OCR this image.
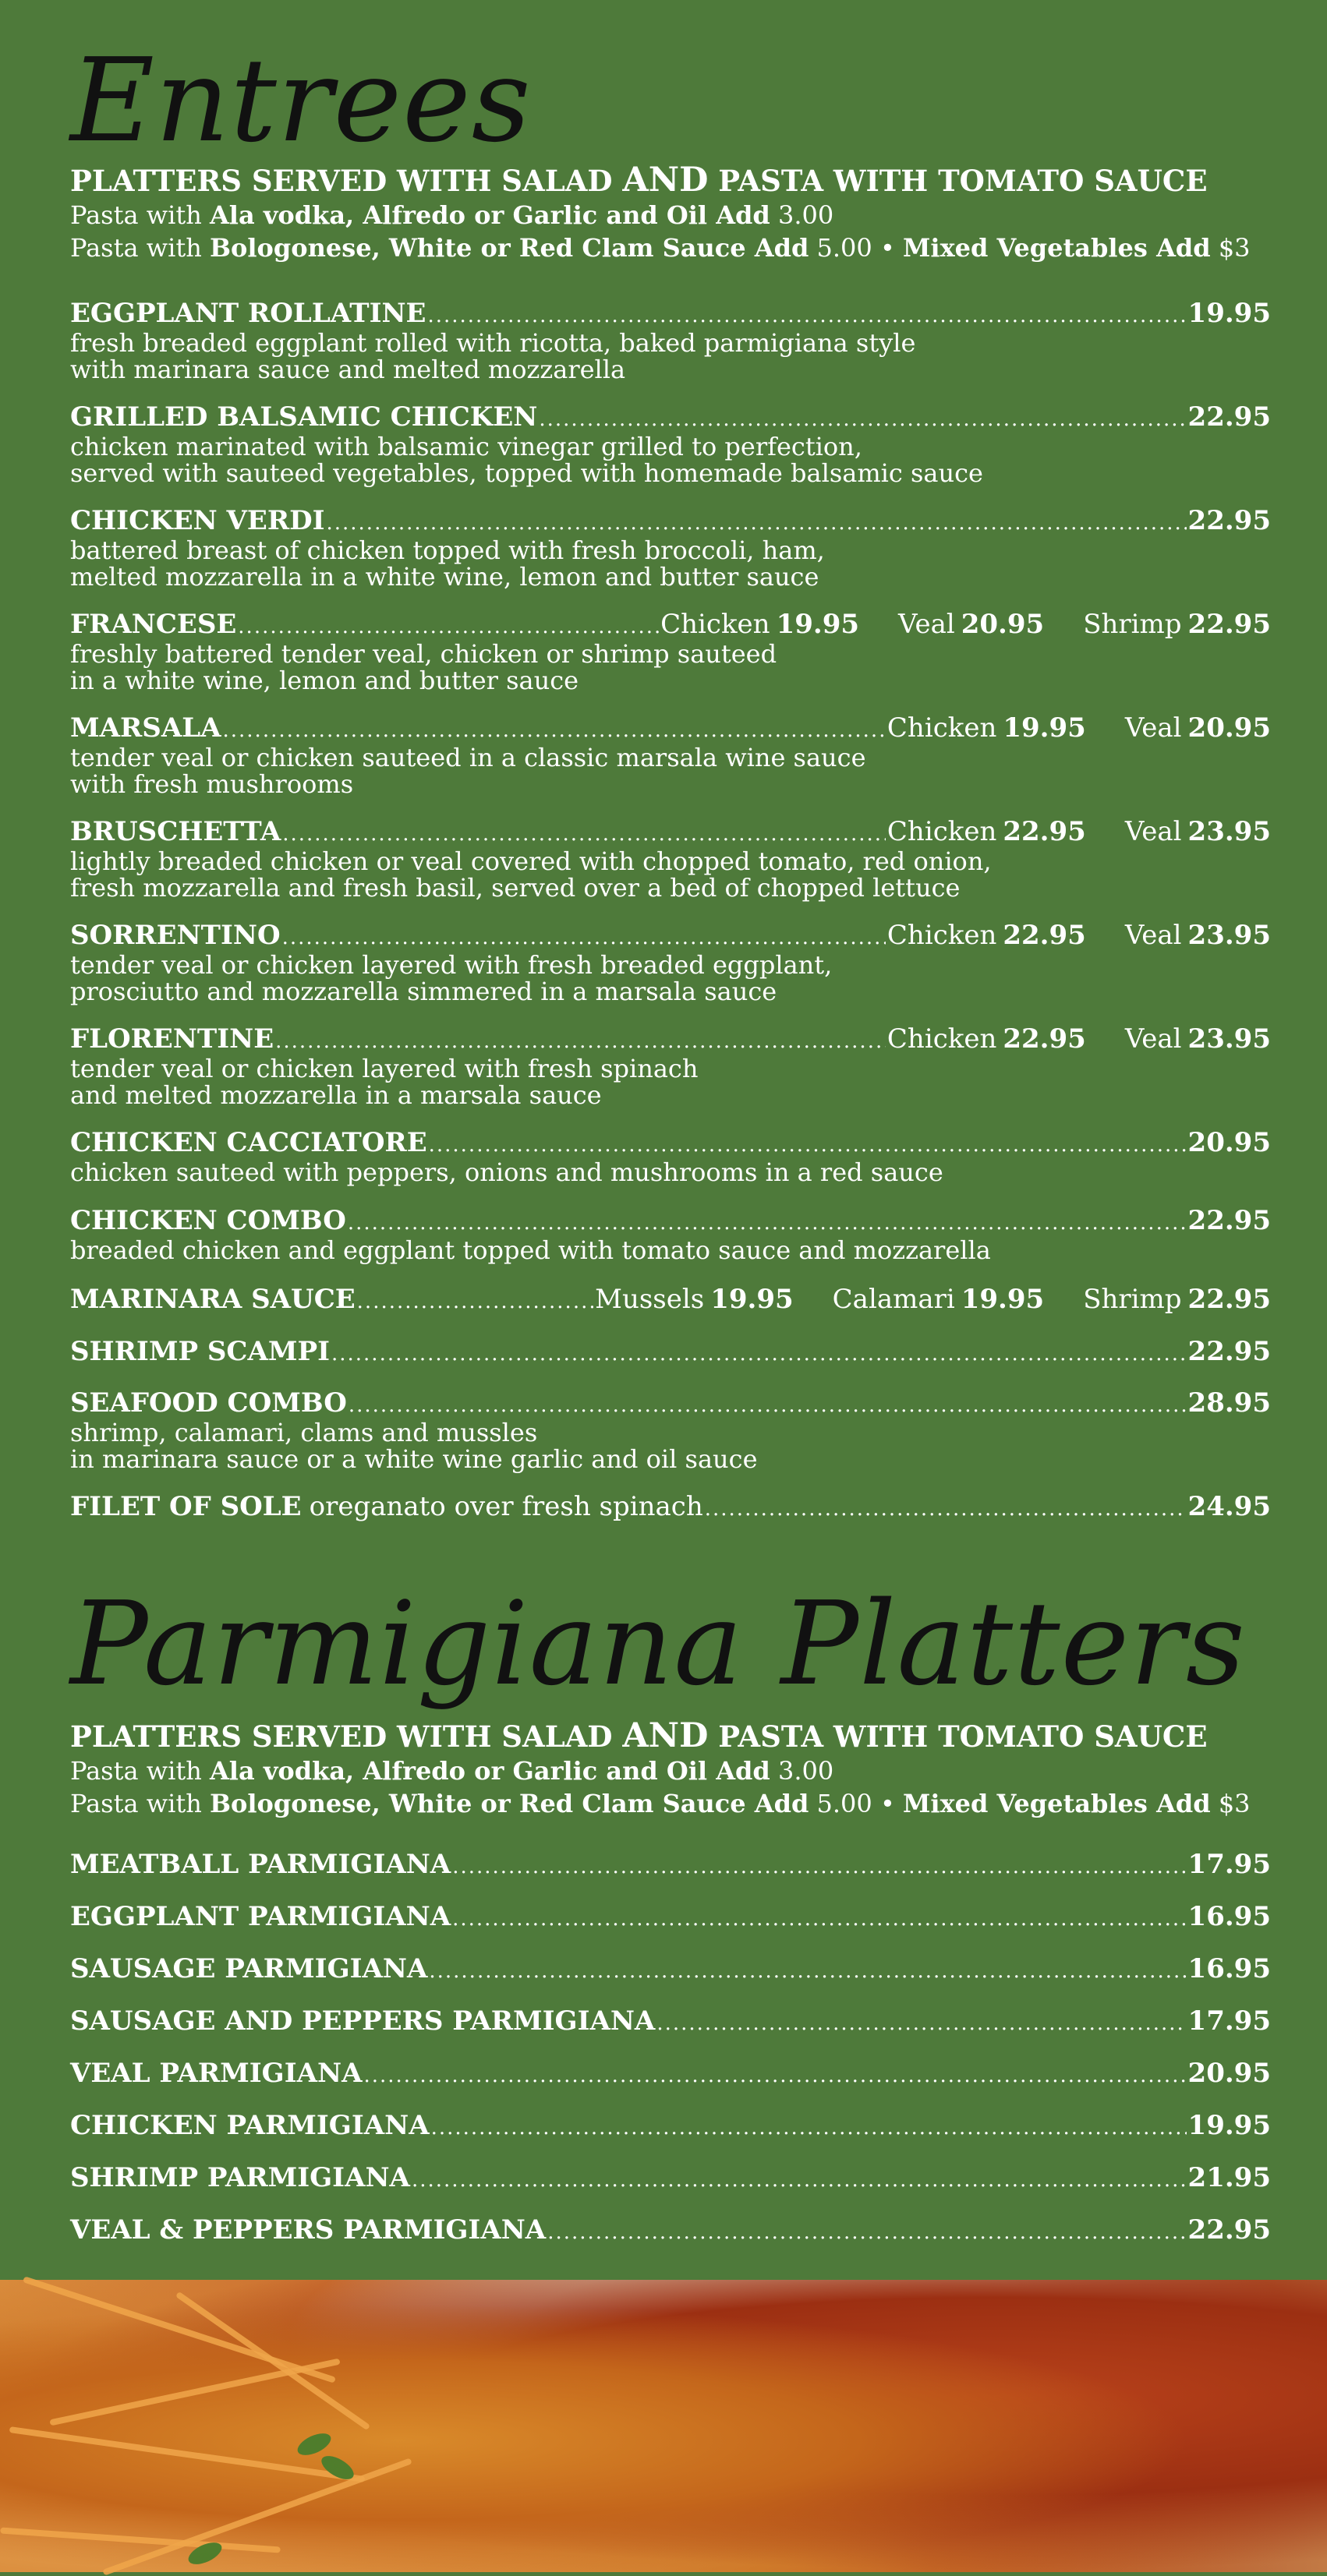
Entrees
PLATTERS SERVED WITH SALAD AND PASTA WITH TOMATO SAUCE
Pasta with Ala vodka, Alfredo or Garlic and Oil Add 3.00
Pasta with Bologonese, White or Red Clam Sauce Add 5.00 • Mixed Vegetables Add $3
EGGPLANT ROLLATINE .....	19.95
fresh breaded eggplant rolled with ricotta, baked parmigiana style
with marinara sauce and melted mozzarella
GRILLED BALSAMIC CHICKEN .....	22.95
chicken marinated with balsamic vinegar grilled to perfection,
served with sauteed vegetables, topped with homemade balsamic sauce
CHICKEN VERDI .....	22.95
battered breast of chicken topped with fresh broccoli, ham,
melted mozzarella in a white wine, lemon and butter sauce
FRANCESE .....	Chicken 19.95 Veal 20.95 Shrimp 22.95
freshly battered tender veal, chicken or shrimp sauteed
in a white wine, lemon and butter sauce
MARSALA .....	Chicken 19.95 Veal 20.95
tender veal or chicken sauteed in a classic marsala wine sauce
with fresh mushrooms
BRUSCHETTA .....	Chicken 22.95 Veal 23.95
lightly breaded chicken or veal covered with chopped tomato, red onion,
fresh mozzarella and fresh basil, served over a bed of chopped lettuce
SORRENTINO .....	Chicken 22.95 Veal 23.95
tender veal or chicken layered with fresh breaded eggplant,
prosciutto and mozzarella simmered in a marsala sauce
FLORENTINE .....	Chicken 22.95 Veal 23.95
tender veal or chicken layered with fresh spinach
and melted mozzarella in a marsala sauce
CHICKEN CACCIATORE .....	20.95
chicken sauteed with peppers, onions and mushrooms in a red sauce
CHICKEN COMBO .....	22.95
breaded chicken and eggplant topped with tomato sauce and mozzarella
MARINARA SAUCE .....	Mussels 19.95 Calamari 19.95 Shrimp 22.95
SHRIMP SCAMPI .....	22.95
SEAFOOD COMBO .....	28.95
shrimp, calamari, clams and mussles
in marinara sauce or a white wine garlic and oil sauce
FILET OF SOLE oreganato over fresh spinach .....	24.95
Parmigiana Platters
PLATTERS SERVED WITH SALAD AND PASTA WITH TOMATO SAUCE
Pasta with Ala vodka, Alfredo or Garlic and Oil Add 3.00
Pasta with Bologonese, White or Red Clam Sauce Add 5.00 • Mixed Vegetables Add $3
MEATBALL PARMIGIANA .....	17.95
EGGPLANT PARMIGIANA .....	16.95
SAUSAGE PARMIGIANA .....	16.95
SAUSAGE AND PEPPERS PARMIGIANA .....	17.95
VEAL PARMIGIANA .....	20.95
CHICKEN PARMIGIANA .....	19.95
SHRIMP PARMIGIANA .....	21.95
VEAL & PEPPERS PARMIGIANA .....	22.95
